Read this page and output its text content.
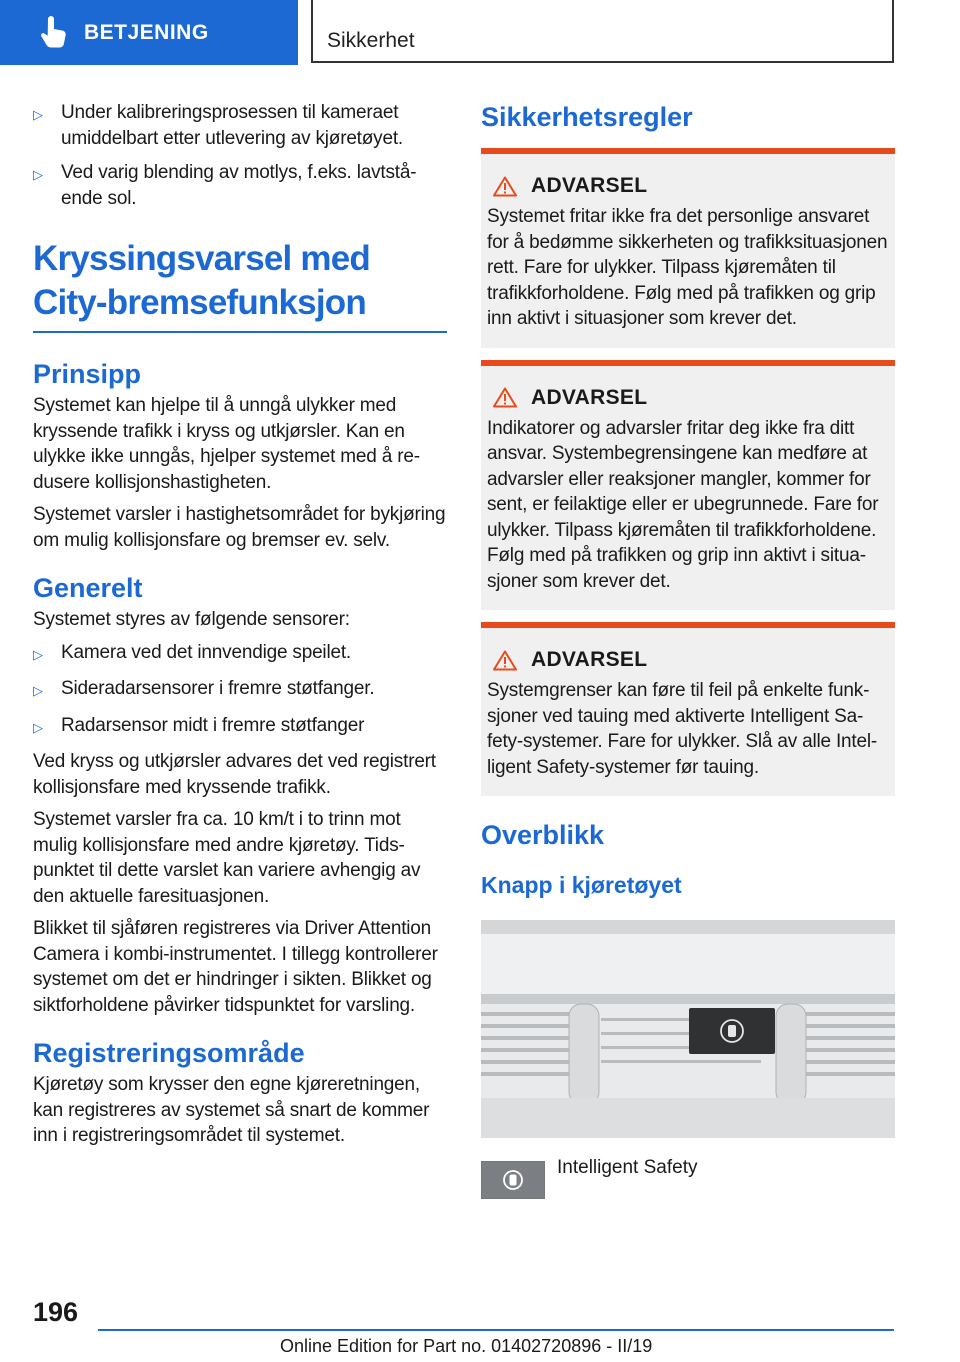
BETJENING	Sikkerhet
▷ Under kalibreringsprosessen til kameraet umiddelbart etter utlevering av kjøretøyet.
▷ Ved varig blending av motlys, f.eks. lavtstående sol.
Kryssingsvarsel med City-bremsefunksjon
Prinsipp

Systemet kan hjelpe til å unngå ulykker med kryssende trafikk i kryss og utkjørsler. Kan en ulykke ikke unngås, hjelper systemet med å redusere kollisjonshastigheten.

Systemet varsler i hastighetsområdet for bykjøring om mulig kollisjonsfare og bremser ev. selv.

Generelt

Systemet styres av følgende sensorer:

▷ Kamera ved det innvendige speilet.
▷ Sideradarsensorer i fremre støtfanger.
▷ Radarsensor midt i fremre støtfanger

Ved kryss og utkjørsler advares det ved registrert kollisjonsfare med kryssende trafikk.

Systemet varsler fra ca. 10 km/t i to trinn mot mulig kollisjonsfare med andre kjøretøy. Tidspunktet til dette varslet kan variere avhengig av den aktuelle faresituasjonen.

Blikket til sjåføren registreres via Driver Attention Camera i kombi-instrumentet. I tillegg kontrollerer systemet om det er hindringer i sikten. Blikket og siktforholdene påvirker tidspunktet for varsling.

Registreringsområde

Kjøretøy som krysser den egne kjøreretningen, kan registreres av systemet så snart de kommer inn i registreringsområdet til systemet.

Sikkerhetsregler
ADVARSEL
Systemet fritar ikke fra det personlige ansvaret for å bedømme sikkerheten og trafikksituasjonen rett. Fare for ulykker. Tilpass kjøremåten til trafikkforholdene. Følg med på trafikken og grip inn aktivt i situasjoner som krever det.
ADVARSEL
Indikatorer og advarsler fritar deg ikke fra ditt ansvar. Systembegrensingene kan medføre at advarsler eller reaksjoner mangler, kommer for sent, er feilaktige eller er ubegrunnede. Fare for ulykker. Tilpass kjøremåten til trafikkforholdene. Følg med på trafikken og grip inn aktivt i situasjoner som krever det.
ADVARSEL
Systemgrenser kan føre til feil på enkelte funksjoner ved tauing med aktiverte Intelligent Safety-systemer. Fare for ulykker. Slå av alle Intelligent Safety-systemer før tauing.
Overblikk
Knapp i kjøretøyet
Intelligent Safety
196
Online Edition for Part no. 01402720896 - II/19
